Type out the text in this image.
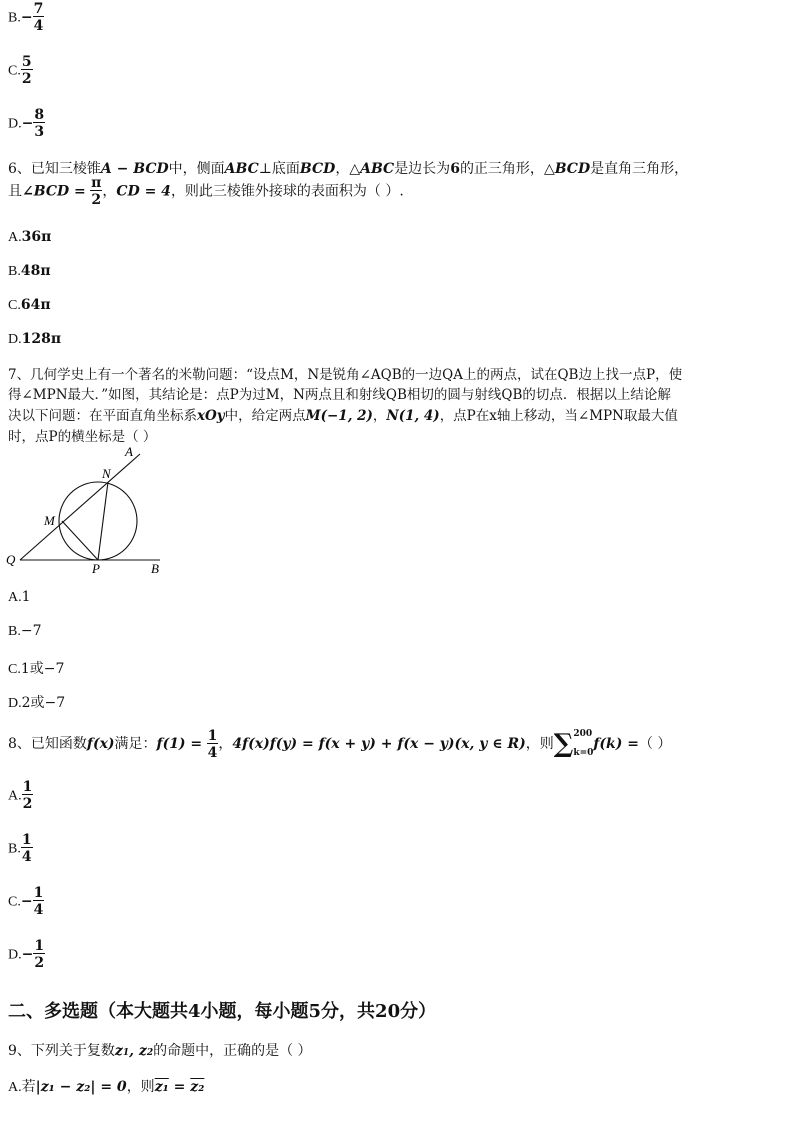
$B.- \frac{7}{4}$
C. $\frac{5}{2}$
$D.- \frac{8}{3}$
6、已知三棱锥A − BCD中，侧面ABC⊥底面BCD，△ABC是边长为6的正三角形，△BCD是直角三角形，
且∠BCD = $\frac{\pi}{2}$ ，CD = 4，则此三棱锥外接球的表面积为（ ）.
A.36π
B.48π
C.64π
D.128π
7、几何学史上有一个著名的米勒问题：“设点M，N是锐角∠AQB的一边QA上的两点，试在QB边上找一点P，使
得∠MPN最大．”如图，其结论是：点P为过M，N两点且和射线QB相切的圆与射线QB的切点．根据以上结论解
决以下问题：在平面直角坐标系xOy中，给定两点M(−1, 2)，N(1, 4)，点P在x轴上移动，当∠MPN取最大值
时，点P的横坐标是（ ）
A
N
M
Q
P	B
A.1
B.−7
C.1或−7
D.2或−7
8、已知函数f(x)满足：$f(1) = \frac{1}{4}$ ，4f(x)f(y) = f(x + y) + f(x − y)(x, y ∈ R)，则∑ 200
k=0
f(k) =（ ）
A. $\frac{1}{2}$
B. $\frac{1}{4}$
$C.- \frac{1}{4}$
$D.- \frac{1}{2}$
二、多选题（本大题共4小题，每小题5分，共20分）
9、下列关于复数z1, z2的命题中，正确的是（ ）
A.若|z₁ − z₂| = 0，则z₁ = z₂
